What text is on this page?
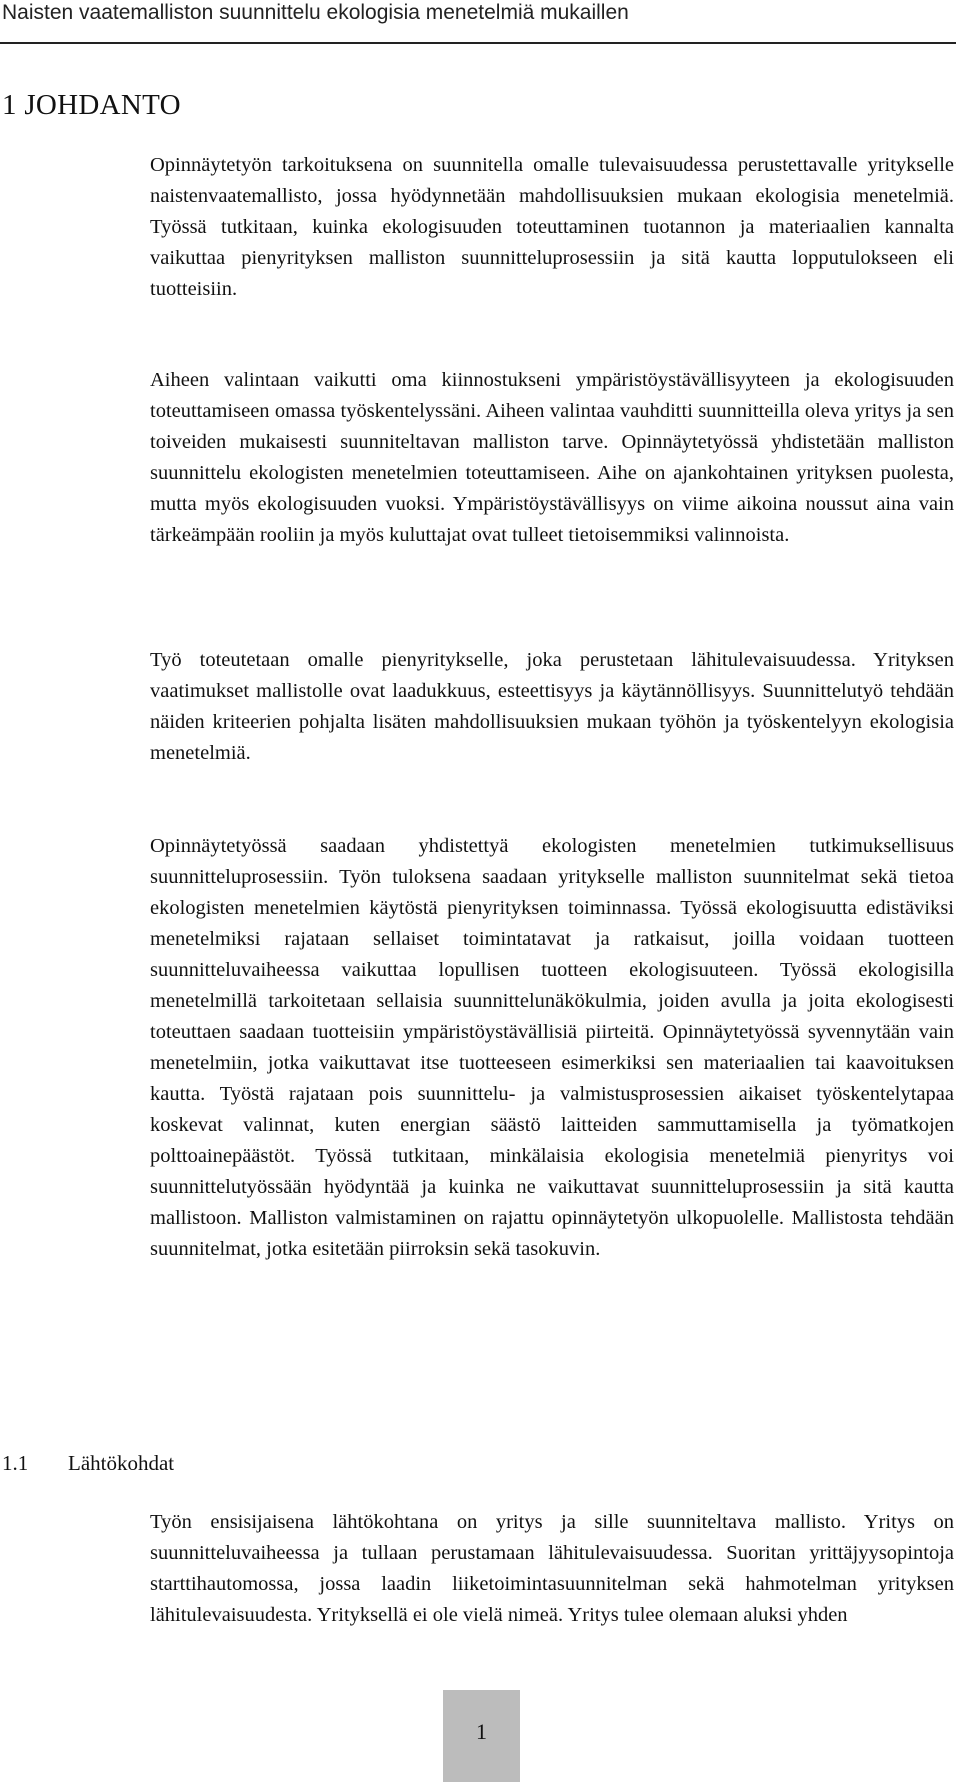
Naisten vaatemalliston suunnittelu ekologisia menetelmiä mukaillen
1 JOHDANTO

Opinnäytetyön tarkoituksena on suunnitella omalle tulevaisuudessa perustettavalle yritykselle naistenvaatemallisto, jossa hyödynnetään mahdollisuuksien mukaan ekologisia menetelmiä. Työssä tutkitaan, kuinka ekologisuuden toteuttaminen tuotannon ja materiaalien kannalta vaikuttaa pienyrityksen malliston suunnitteluprosessiin ja sitä kautta lopputulokseen eli tuotteisiin.

Aiheen valintaan vaikutti oma kiinnostukseni ympäristöystävällisyyteen ja ekologisuuden toteuttamiseen omassa työskentelyssäni. Aiheen valintaa vauhditti suunnitteilla oleva yritys ja sen toiveiden mukaisesti suunniteltavan malliston tarve. Opinnäytetyössä yhdistetään malliston suunnittelu ekologisten menetelmien toteuttamiseen. Aihe on ajankohtainen yrityksen puolesta, mutta myös ekologisuuden vuoksi. Ympäristöystävällisyys on viime aikoina noussut aina vain tärkeämpään rooliin ja myös kuluttajat ovat tulleet tietoisemmiksi valinnoista.

Työ toteutetaan omalle pienyritykselle, joka perustetaan lähitulevaisuudessa. Yrityksen vaatimukset mallistolle ovat laadukkuus, esteettisyys ja käytännöllisyys. Suunnittelutyö tehdään näiden kriteerien pohjalta lisäten mahdollisuuksien mukaan työhön ja työskentelyyn ekologisia menetelmiä.

Opinnäytetyössä saadaan yhdistettyä ekologisten menetelmien tutkimuksellisuus suunnitteluprosessiin. Työn tuloksena saadaan yritykselle malliston suunnitelmat sekä tietoa ekologisten menetelmien käytöstä pienyrityksen toiminnassa. Työssä ekologisuutta edistäviksi menetelmiksi rajataan sellaiset toimintatavat ja ratkaisut, joilla voidaan tuotteen suunnitteluvaiheessa vaikuttaa lopullisen tuotteen ekologisuuteen. Työssä ekologisilla menetelmillä tarkoitetaan sellaisia suunnittelunäkökulmia, joiden avulla ja joita ekologisesti toteuttaen saadaan tuotteisiin ympäristöystävällisiä piirteitä. Opinnäytetyössä syvennytään vain menetelmiin, jotka vaikuttavat itse tuotteeseen esimerkiksi sen materiaalien tai kaavoituksen kautta. Työstä rajataan pois suunnittelu- ja valmistusprosessien aikaiset työskentelytapaa koskevat valinnat, kuten energian säästö laitteiden sammuttamisella ja työmatkojen polttoainepäästöt. Työssä tutkitaan, minkälaisia ekologisia menetelmiä pienyritys voi suunnittelutyössään hyödyntää ja kuinka ne vaikuttavat suunnitteluprosessiin ja sitä kautta mallistoon. Malliston valmistaminen on rajattu opinnäytetyön ulkopuolelle. Mallistosta tehdään suunnitelmat, jotka esitetään piirroksin sekä tasokuvin.

1.1 Lähtökohdat

Työn ensisijaisena lähtökohtana on yritys ja sille suunniteltava mallisto. Yritys on suunnitteluvaiheessa ja tullaan perustamaan lähitulevaisuudessa. Suoritan yrittäjyysopintoja starttihautomossa, jossa laadin liiketoimintasuunnitelman sekä hahmotelman yrityksen lähitulevaisuudesta. Yrityksellä ei ole vielä nimeä. Yritys tulee olemaan aluksi yhden

1
